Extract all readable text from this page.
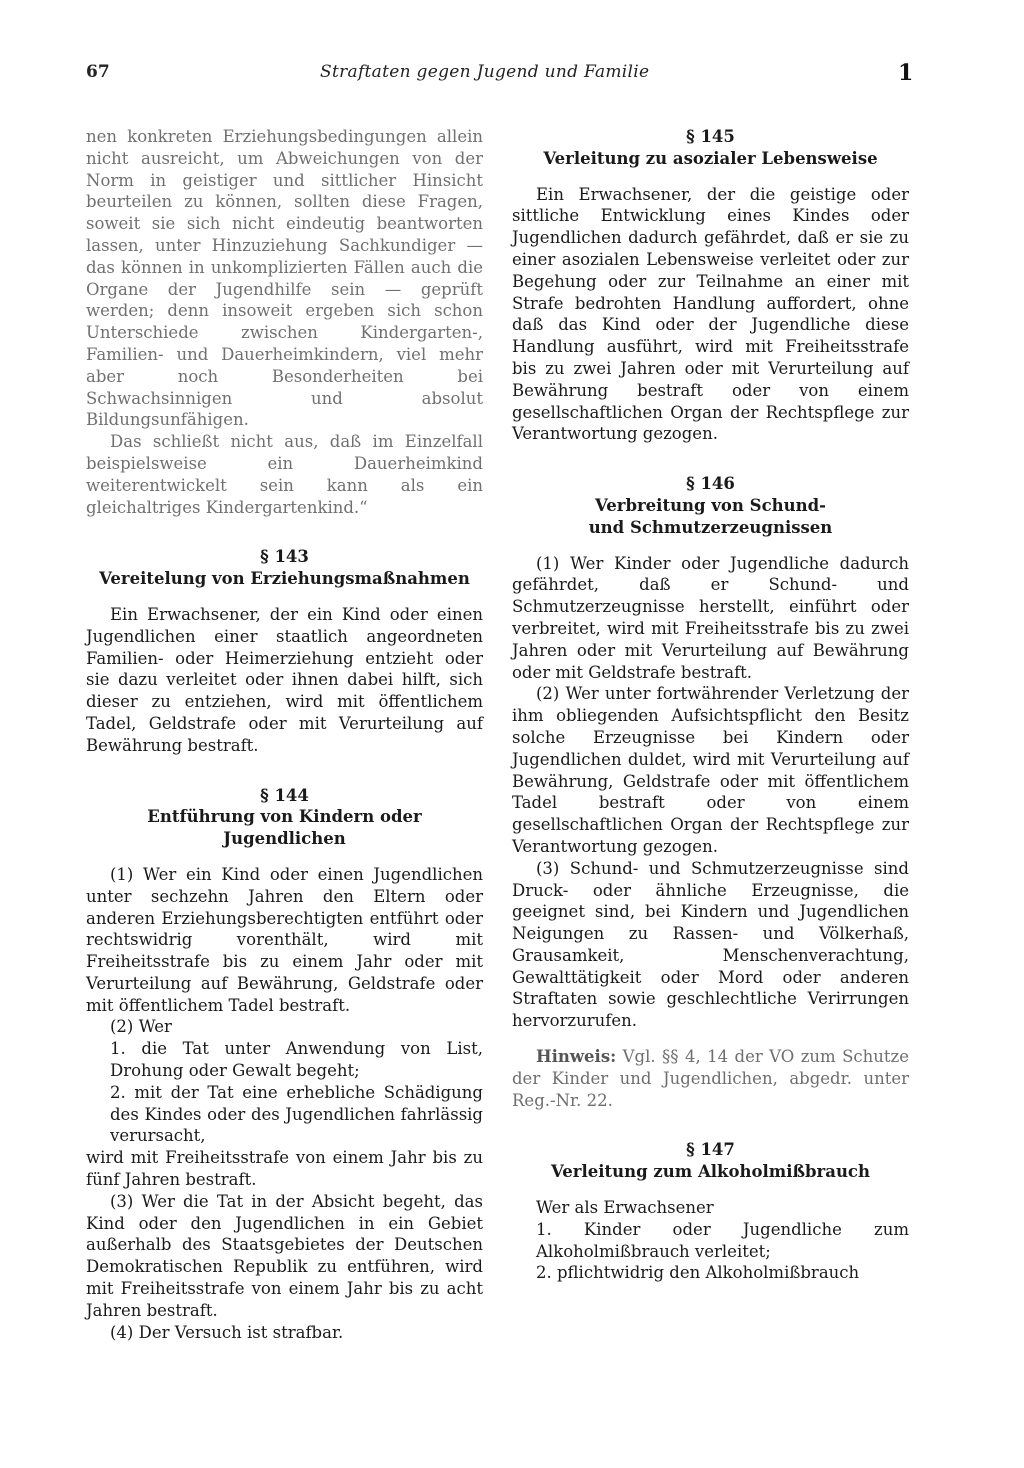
67	Straftaten gegen Jugend und Familie	1

nen konkreten Erziehungsbedingungen allein nicht ausreicht, um Abweichungen von der Norm in geistiger und sittlicher Hinsicht beurteilen zu können, sollten diese Fragen, soweit sie sich nicht eindeutig beantworten lassen, unter Hinzuziehung Sachkundiger — das können in unkomplizierten Fällen auch die Organe der Jugendhilfe sein — geprüft werden; denn insoweit ergeben sich schon Unterschiede zwischen Kindergarten-, Familien- und Dauerheimkindern, viel mehr aber noch Besonderheiten bei Schwachsinnigen und absolut Bildungsunfähigen.

Das schließt nicht aus, daß im Einzelfall beispielsweise ein Dauerheimkind weiterentwickelt sein kann als ein gleichaltriges Kindergartenkind.“

§ 143

Vereitelung von Erziehungsmaßnahmen

Ein Erwachsener, der ein Kind oder einen Jugendlichen einer staatlich angeordneten Familien- oder Heimerziehung entzieht oder sie dazu verleitet oder ihnen dabei hilft, sich dieser zu entziehen, wird mit öffentlichem Tadel, Geldstrafe oder mit Verurteilung auf Bewährung bestraft.

§ 144

Entführung von Kindern oder Jugendlichen

(1) Wer ein Kind oder einen Jugendlichen unter sechzehn Jahren den Eltern oder anderen Erziehungsberechtigten entführt oder rechtswidrig vorenthält, wird mit Freiheitsstrafe bis zu einem Jahr oder mit Verurteilung auf Bewährung, Geldstrafe oder mit öffentlichem Tadel bestraft.

(2) Wer

1. die Tat unter Anwendung von List, Drohung oder Gewalt begeht;

2. mit der Tat eine erhebliche Schädigung des Kindes oder des Jugendlichen fahrlässig verursacht,

wird mit Freiheitsstrafe von einem Jahr bis zu fünf Jahren bestraft.

(3) Wer die Tat in der Absicht begeht, das Kind oder den Jugendlichen in ein Gebiet außerhalb des Staatsgebietes der Deutschen Demokratischen Republik zu entführen, wird mit Freiheitsstrafe von einem Jahr bis zu acht Jahren bestraft.

(4) Der Versuch ist strafbar.

§ 145

Verleitung zu asozialer Lebensweise

Ein Erwachsener, der die geistige oder sittliche Entwicklung eines Kindes oder Jugendlichen dadurch gefährdet, daß er sie zu einer asozialen Lebensweise verleitet oder zur Begehung oder zur Teilnahme an einer mit Strafe bedrohten Handlung auffordert, ohne daß das Kind oder der Jugendliche diese Handlung ausführt, wird mit Freiheitsstrafe bis zu zwei Jahren oder mit Verurteilung auf Bewährung bestraft oder von einem gesellschaftlichen Organ der Rechtspflege zur Verantwortung gezogen.

§ 146

Verbreitung von Schund-

und Schmutzerzeugnissen

(1) Wer Kinder oder Jugendliche dadurch gefährdet, daß er Schund- und Schmutzerzeugnisse herstellt, einführt oder verbreitet, wird mit Freiheitsstrafe bis zu zwei Jahren oder mit Verurteilung auf Bewährung oder mit Geldstrafe bestraft.

(2) Wer unter fortwährender Verletzung der ihm obliegenden Aufsichtspflicht den Besitz solche Erzeugnisse bei Kindern oder Jugendlichen duldet, wird mit Verurteilung auf Bewährung, Geldstrafe oder mit öffentlichem Tadel bestraft oder von einem gesellschaftlichen Organ der Rechtspflege zur Verantwortung gezogen.

(3) Schund- und Schmutzerzeugnisse sind Druck- oder ähnliche Erzeugnisse, die geeignet sind, bei Kindern und Jugendlichen Neigungen zu Rassen- und Völkerhaß, Grausamkeit, Menschenverachtung, Gewalttätigkeit oder Mord oder anderen Straftaten sowie geschlechtliche Verirrungen hervorzurufen.

Hinweis: Vgl. §§ 4, 14 der VO zum Schutze der Kinder und Jugendlichen, abgedr. unter Reg.-Nr. 22.

§ 147

Verleitung zum Alkoholmißbrauch

Wer als Erwachsener

1. Kinder oder Jugendliche zum Alkoholmißbrauch verleitet;

2. pflichtwidrig den Alkoholmißbrauch
